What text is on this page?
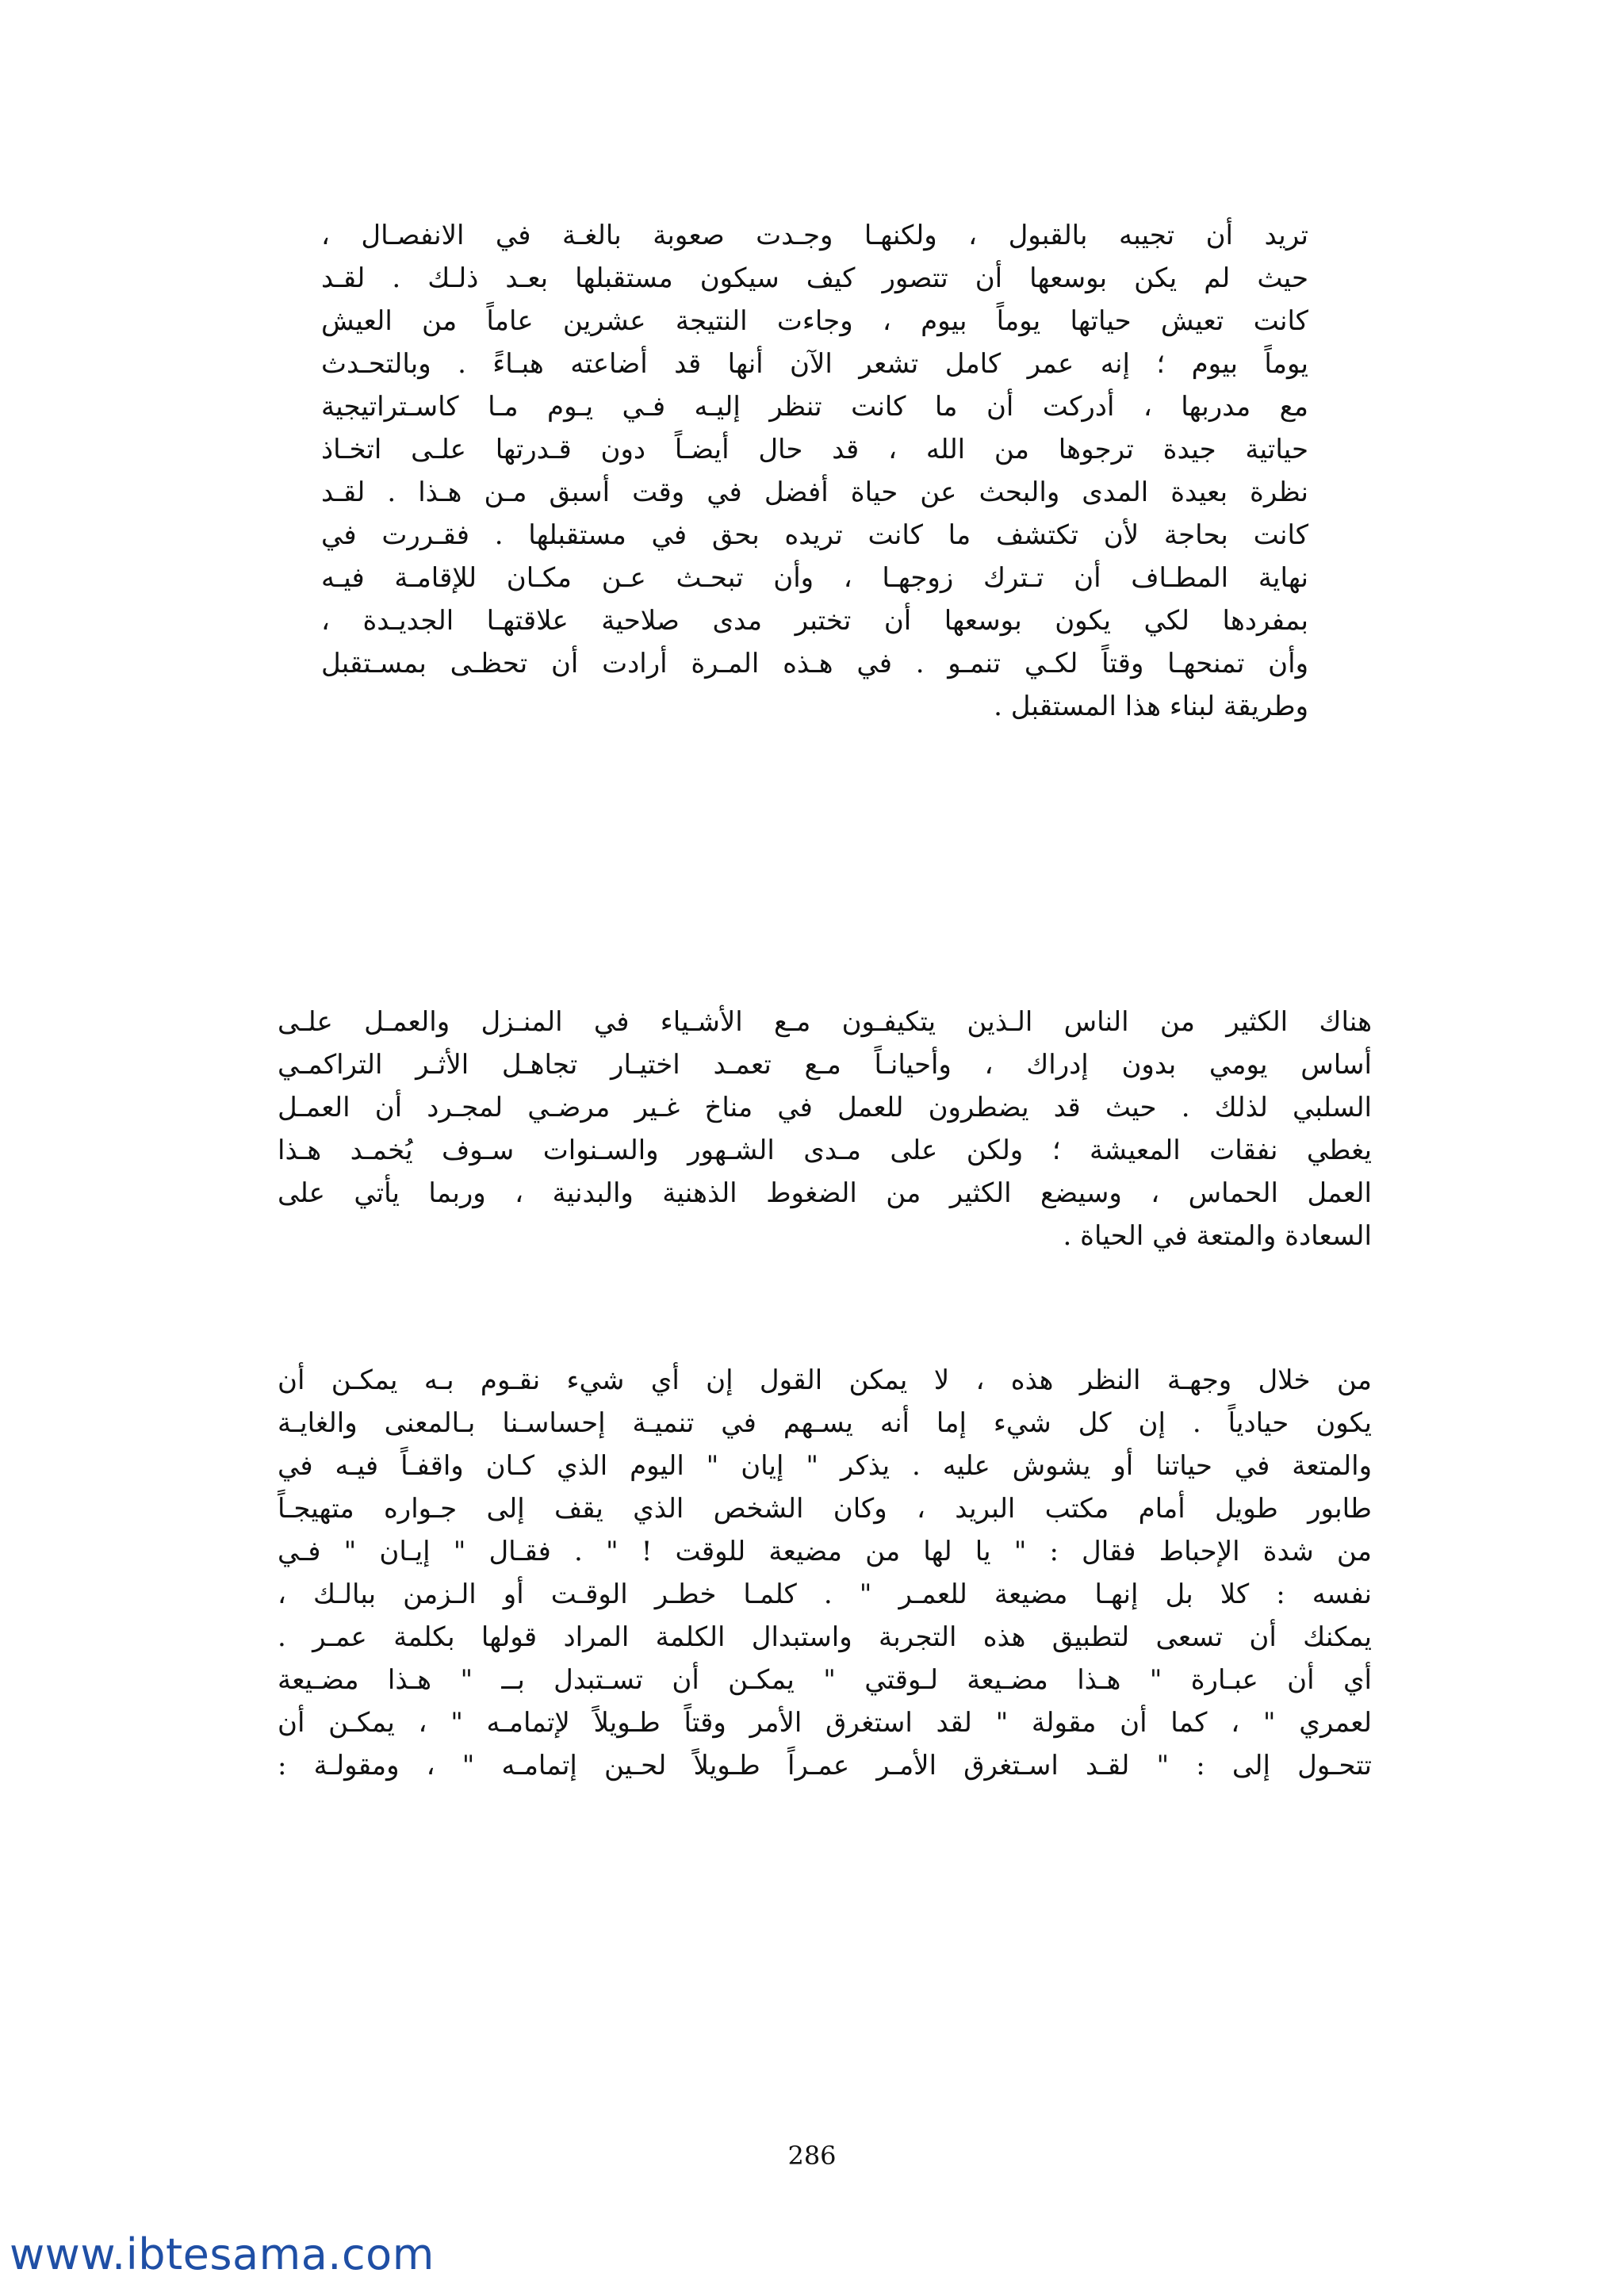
تريد أن تجيبه بالقبول ، ولكنهـا وجـدت صعوبة بالغـة في الانفصـال ،
حيث لم يكن بوسعها أن تتصور كيف سيكون مستقبلها بعـد ذلـك . لقـد
كانت تعيش حياتها يوماً بيوم ، وجاءت النتيجة عشرين عاماً من العيش
يوماً بيوم ؛ إنه عمر كامل تشعر الآن أنها قد أضاعته هبـاءً . وبالتحـدث
مع مدربها ، أدركت أن ما كانت تنظر إليـه فـي يـوم مـا كاسـتراتيجية
حياتية جيدة ترجوها من الله ، قد حال أيضـاً دون قـدرتها علـى اتخـاذ
نظرة بعيدة المدى والبحث عن حياة أفضل في وقت أسبق مـن هـذا . لقـد
كانت بحاجة لأن تكتشف ما كانت تريده بحق في مستقبلها . فقـررت في
نهاية المطـاف أن تـترك زوجهـا ، وأن تبحـث عـن مكـان للإقامـة فيـه
بمفردها لكي يكون بوسعها أن تختبر مدى صلاحية علاقتهـا الجديـدة ،
وأن تمنحهـا وقتاً لكـي تنمـو . في هـذه المـرة أرادت أن تحظـى بمسـتقبل
وطريقة لبناء هذا المستقبل .
هناك الكثير من الناس الـذين يتكيفـون مـع الأشـياء في المنـزل والعمـل علـى
أساس يومي بدون إدراك ، وأحيانـاً مـع تعمـد اختيـار تجاهـل الأثـر التراكمـي
السلبي لذلك . حيث قد يضطرون للعمل في مناخ غـير مرضـي لمجـرد أن العمـل
يغطي نفقات المعيشة ؛ ولكن على مـدى الشـهور والسـنوات سـوف يُخمـد هـذا
العمل الحماس ، وسيضع الكثير من الضغوط الذهنية والبدنية ، وربما يأتي على
السعادة والمتعة في الحياة .
من خلال وجهـة النظر هذه ، لا يمكن القول إن أي شيء نقـوم بـه يمكـن أن
يكون حيادياً . إن كل شيء إما أنه يسـهم في تنميـة إحساسـنا بـالمعنى والغايـة
والمتعة في حياتنا أو يشوش عليه . يذكر " إيان " اليوم الذي كـان واقفـاً فيـه في
طابور طويل أمام مكتب البريد ، وكان الشخص الذي يقف إلى جـواره متهيجـاً
من شدة الإحباط فقال : " يا لها من مضيعة للوقت ! " . فقـال " إيـان " فـي
نفسه : كلا بل إنهـا مضيعة للعمـر " . كلمـا خطـر الوقـت أو الـزمن ببالـك ،
يمكنك أن تسعى لتطبيق هذه التجربة واستبدال الكلمة المراد قولها بكلمة عمـر .
أي أن عبـارة " هـذا مضـيعة لـوقتي " يمكـن أن تسـتبدل بــ " هـذا مضـيعة
لعمري " ، كما أن مقولة " لقد استغرق الأمر وقتاً طـويلاً لإتمامـه " ، يمكـن أن
تتحـول إلى : " لقـد اسـتغرق الأمـر عمـراً طـويلاً لحـين إتمامـه " ، ومقولـة :
286
www.ibtesama.com
